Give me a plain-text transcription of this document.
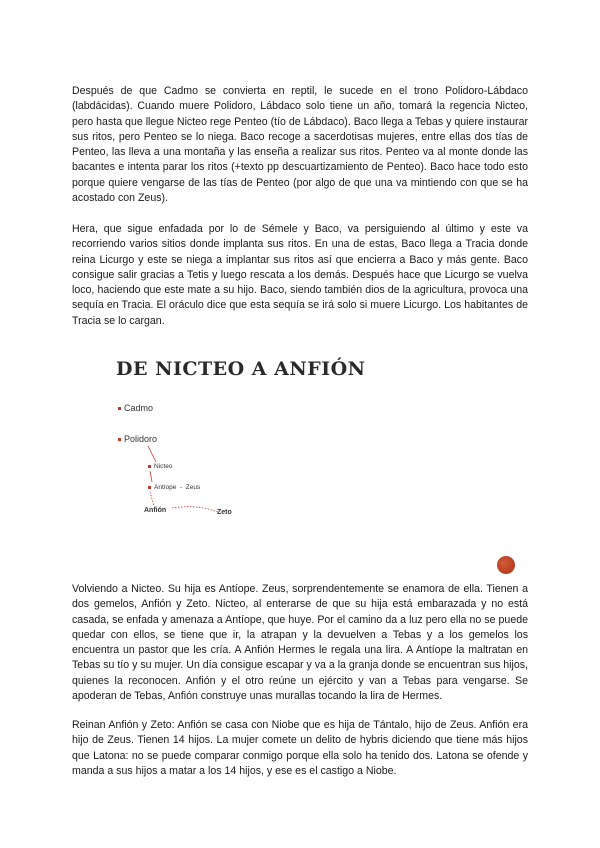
Después de que Cadmo se convierta en reptil, le sucede en el trono Polidoro-Lábdaco (labdácidas). Cuando muere Polidoro, Lábdaco solo tiene un año, tomará la regencia Nicteo, pero hasta que llegue Nicteo rege Penteo (tío de Lábdaco). Baco llega a Tebas y quiere instaurar sus ritos, pero Penteo se lo niega. Baco recoge a sacerdotisas mujeres, entre ellas dos tías de Penteo, las lleva a una montaña y las enseña a realizar sus ritos. Penteo va al monte donde las bacantes e intenta parar los ritos (+texto pp descuartizamiento de Penteo). Baco hace todo esto porque quiere vengarse de las tías de Penteo (por algo de que una va mintiendo con que se ha acostado con Zeus).

Hera, que sigue enfadada por lo de Sémele y Baco, va persiguiendo al último y este va recorriendo varios sitios donde implanta sus ritos. En una de estas, Baco llega a Tracia donde reina Licurgo y este se niega a implantar sus ritos así que encierra a Baco y más gente. Baco consigue salir gracias a Tetis y luego rescata a los demás. Después hace que Licurgo se vuelva loco, haciendo que este mate a su hijo. Baco, siendo también dios de la agricultura, provoca una sequía en Tracia. El oráculo dice que esta sequía se irá solo si muere Licurgo. Los habitantes de Tracia se lo cargan.

DE NICTEO A ANFIÓN
Cadmo
Polidoro
Nicteo
Antíope  -  Zeus
Anfión	Zeto

Volviendo a Nicteo. Su hija es Antíope. Zeus, sorprendentemente se enamora de ella. Tienen a dos gemelos, Anfión y Zeto. Nicteo, al enterarse de que su hija está embarazada y no está casada, se enfada y amenaza a Antíope, que huye. Por el camino da a luz pero ella no se puede quedar con ellos, se tiene que ir, la atrapan y la devuelven a Tebas y a los gemelos los encuentra un pastor que les cría. A Anfión Hermes le regala una lira. A Antíope la maltratan en Tebas su tío y su mujer. Un día consigue escapar y va a la granja donde se encuentran sus hijos, quienes la reconocen. Anfión y el otro reúne un ejército y van a Tebas para vengarse. Se apoderan de Tebas, Anfión construye unas murallas tocando la lira de Hermes.

Reinan Anfión y Zeto: Anfión se casa con Niobe que es hija de Tántalo, hijo de Zeus. Anfión era hijo de Zeus. Tienen 14 hijos. La mujer comete un delito de hybris diciendo que tiene más hijos que Latona: no se puede comparar conmigo porque ella solo ha tenido dos. Latona se ofende y manda a sus hijos a matar a los 14 hijos, y ese es el castigo a Niobe.
